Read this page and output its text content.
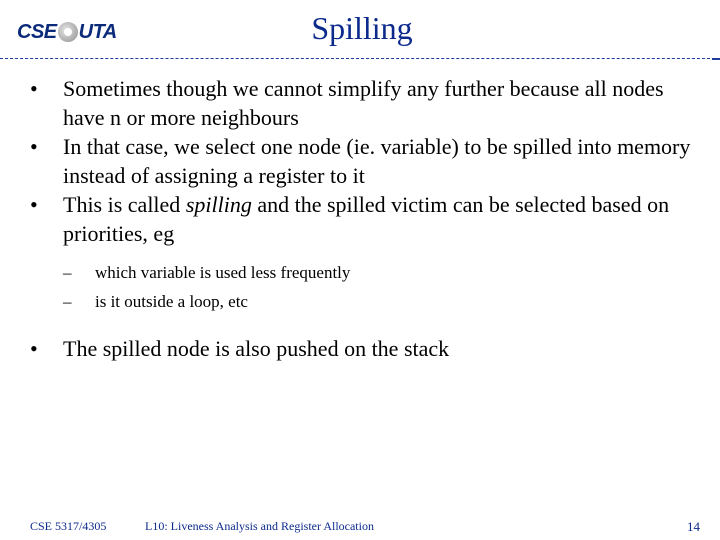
CSE UTA	Spilling
• Sometimes though we cannot simplify any further because all nodes have n or more neighbours
• In that case, we select one node (ie. variable) to be spilled into memory instead of assigning a register to it
• This is called spilling and the spilled victim can be selected based on priorities, eg
– which variable is used less frequently
– is it outside a loop, etc
• The spilled node is also pushed on the stack
CSE 5317/4305	L10: Liveness Analysis and Register Allocation	14
